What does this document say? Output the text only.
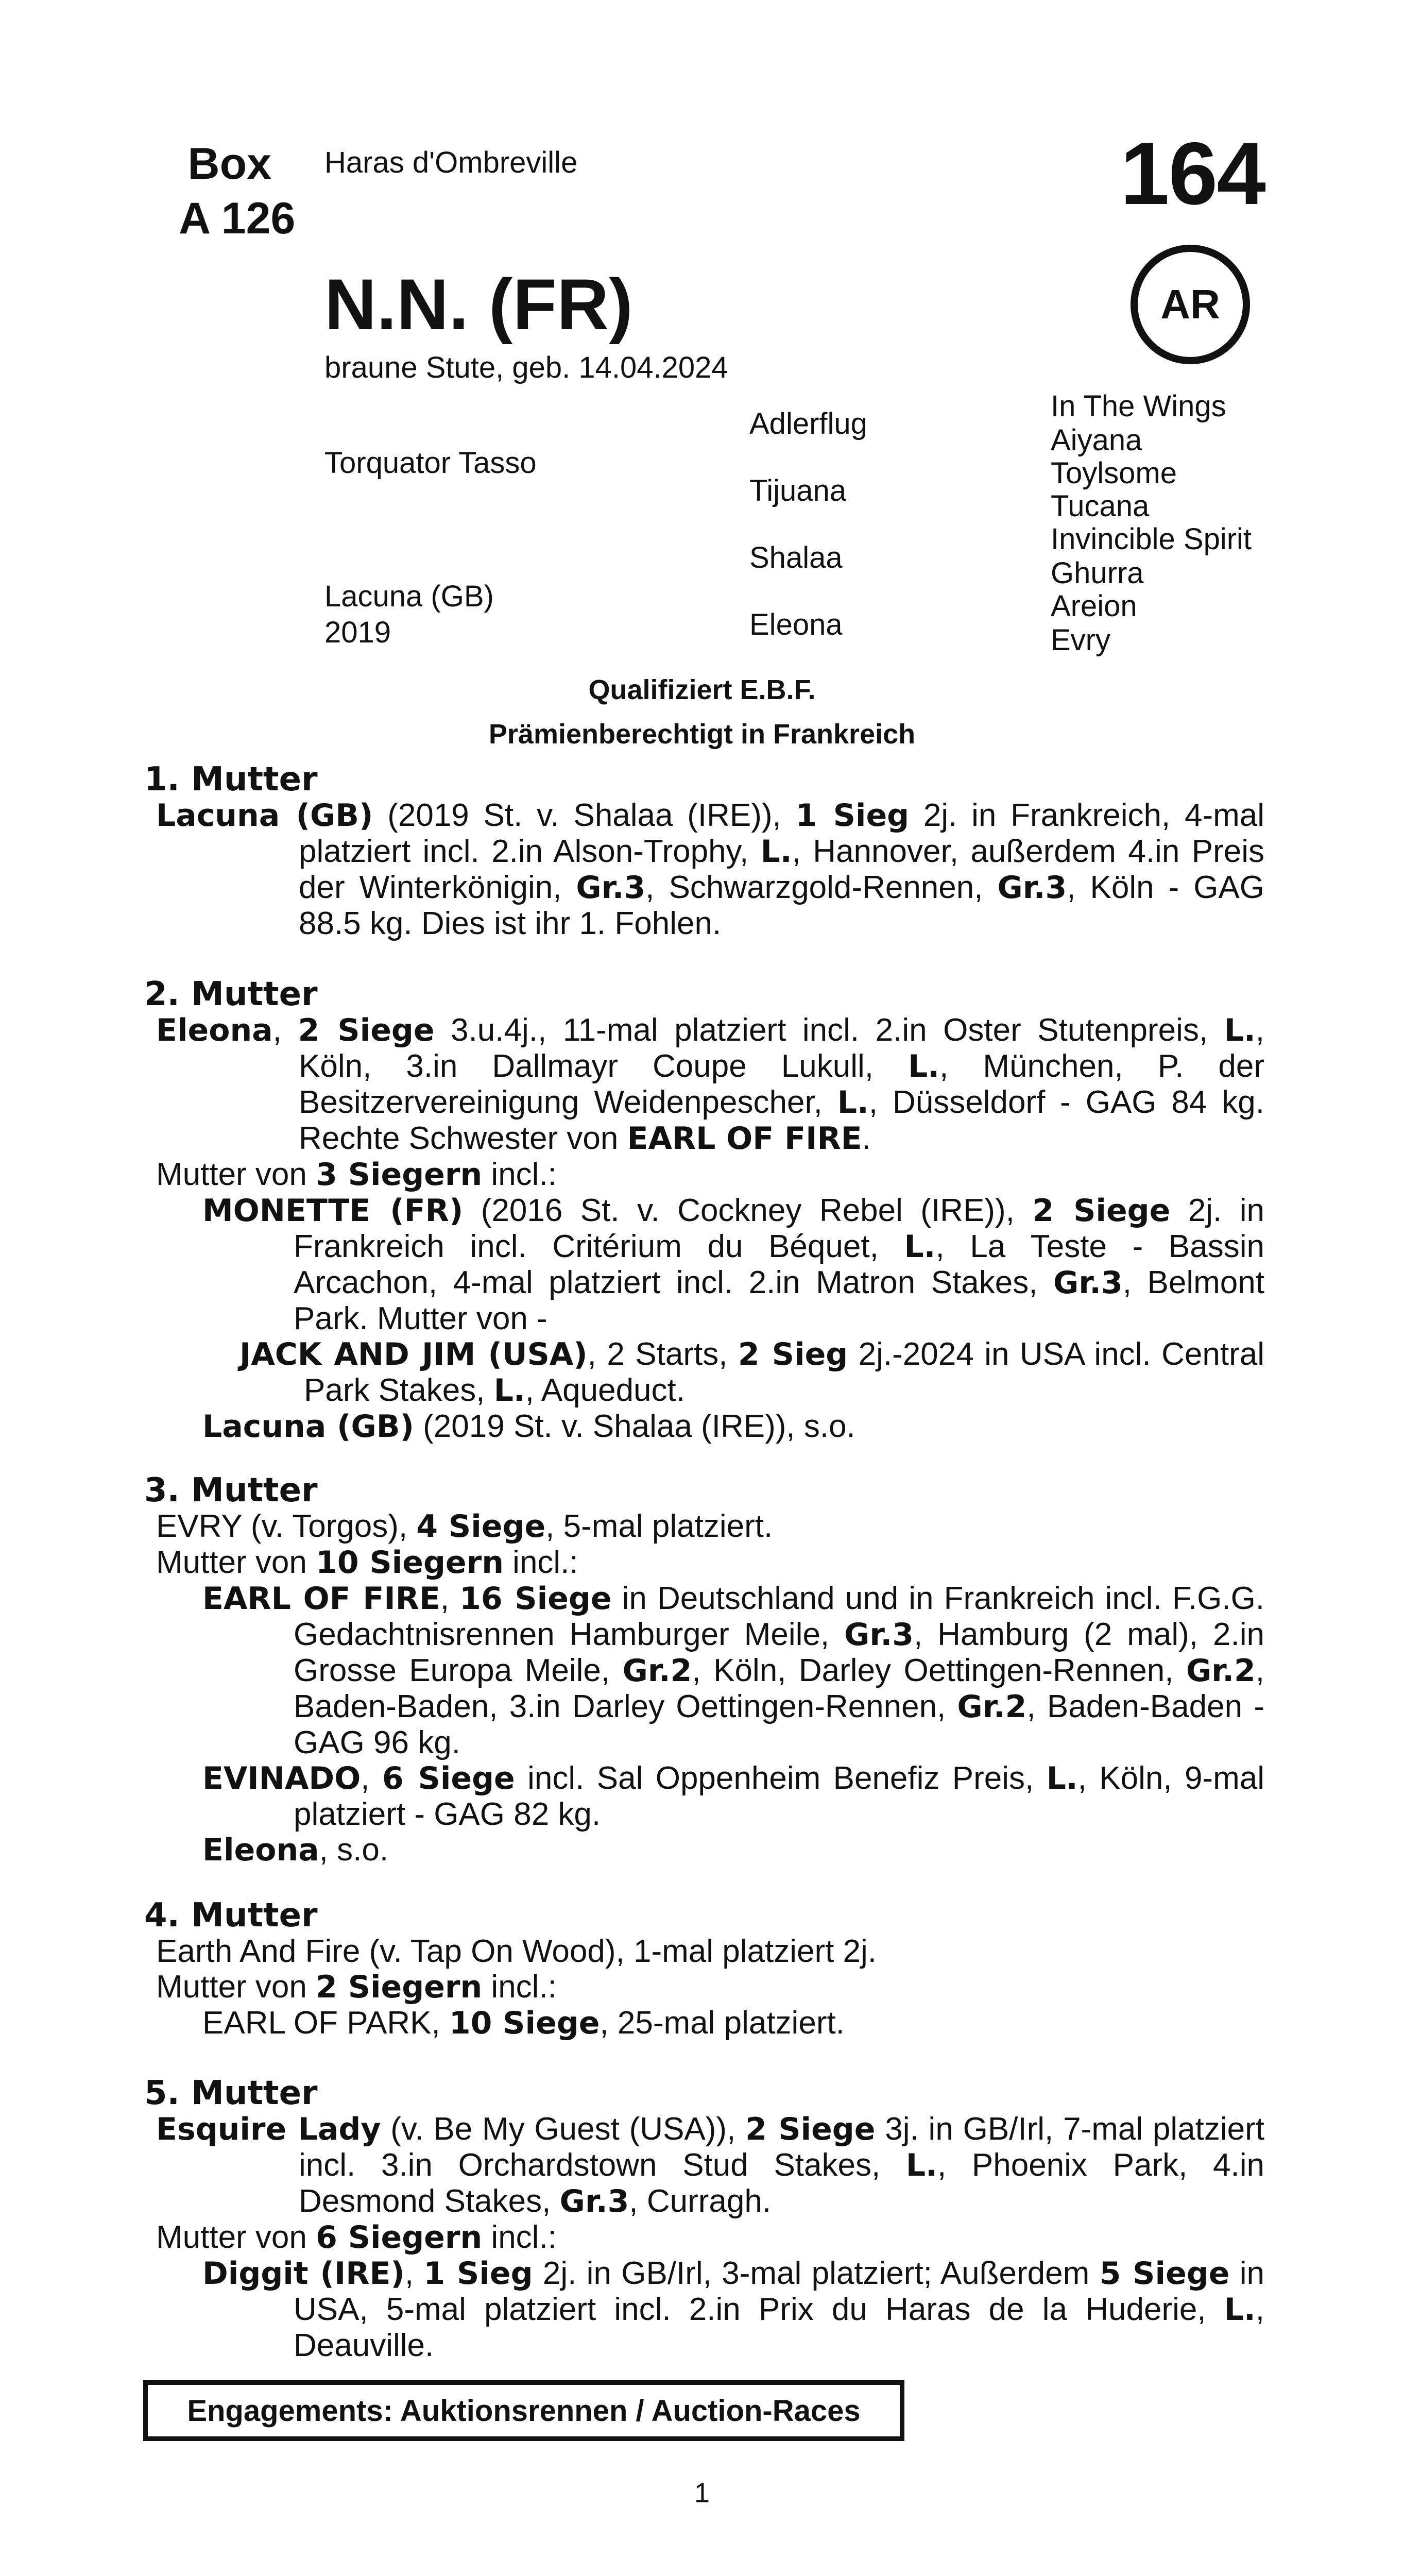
Box
A 126
Haras d'Ombreville	164
AR
N.N. (FR)
braune Stute, geb. 14.04.2024
Torquator Tasso
Lacuna (GB)
2019
Adlerflug
Tijuana
Shalaa
Eleona
In The Wings
Aiyana
Toylsome
Tucana
Invincible Spirit
Ghurra
Areion
Evry
Qualifiziert E.B.F.
Prämienberechtigt in Frankreich
1. Mutter

Lacuna (GB) (2019 St. v. Shalaa (IRE)), 1 Sieg 2j. in Frankreich, 4-mal platziert incl. 2.in Alson-Trophy, L., Hannover, außerdem 4.in Preis der Winterkönigin, Gr.3, Schwarzgold-Rennen, Gr.3, Köln - GAG 88.5 kg. Dies ist ihr 1. Fohlen.

2. Mutter

Eleona, 2 Siege 3.u.4j., 11-mal platziert incl. 2.in Oster Stutenpreis, L., Köln, 3.in Dallmayr Coupe Lukull, L., München, P. der Besitzervereinigung Weidenpescher, L., Düsseldorf - GAG 84 kg. Rechte Schwester von EARL OF FIRE.

Mutter von 3 Siegern incl.:

MONETTE (FR) (2016 St. v. Cockney Rebel (IRE)), 2 Siege 2j. in Frankreich incl. Critérium du Béquet, L., La Teste - Bassin Arcachon, 4-mal platziert incl. 2.in Matron Stakes, Gr.3, Belmont Park. Mutter von -

JACK AND JIM (USA), 2 Starts, 2 Sieg 2j.-2024 in USA incl. Central Park Stakes, L., Aqueduct.

Lacuna (GB) (2019 St. v. Shalaa (IRE)), s.o.

3. Mutter

EVRY (v. Torgos), 4 Siege, 5-mal platziert.

Mutter von 10 Siegern incl.:

EARL OF FIRE, 16 Siege in Deutschland und in Frankreich incl. F.G.G. Gedachtnisrennen Hamburger Meile, Gr.3, Hamburg (2 mal), 2.in Grosse Europa Meile, Gr.2, Köln, Darley Oettingen-Rennen, Gr.2, Baden-Baden, 3.in Darley Oettingen-Rennen, Gr.2, Baden-Baden - GAG 96 kg.

EVINADO, 6 Siege incl. Sal Oppenheim Benefiz Preis, L., Köln, 9-mal platziert - GAG 82 kg.

Eleona, s.o.

4. Mutter

Earth And Fire (v. Tap On Wood), 1-mal platziert 2j.

Mutter von 2 Siegern incl.:

EARL OF PARK, 10 Siege, 25-mal platziert.

5. Mutter

Esquire Lady (v. Be My Guest (USA)), 2 Siege 3j. in GB/Irl, 7-mal platziert incl. 3.in Orchardstown Stud Stakes, L., Phoenix Park, 4.in Desmond Stakes, Gr.3, Curragh.

Mutter von 6 Siegern incl.:

Diggit (IRE), 1 Sieg 2j. in GB/Irl, 3-mal platziert; Außerdem 5 Siege in USA, 5-mal platziert incl. 2.in Prix du Haras de la Huderie, L., Deauville.

Engagements: Auktionsrennen / Auction-Races
1
